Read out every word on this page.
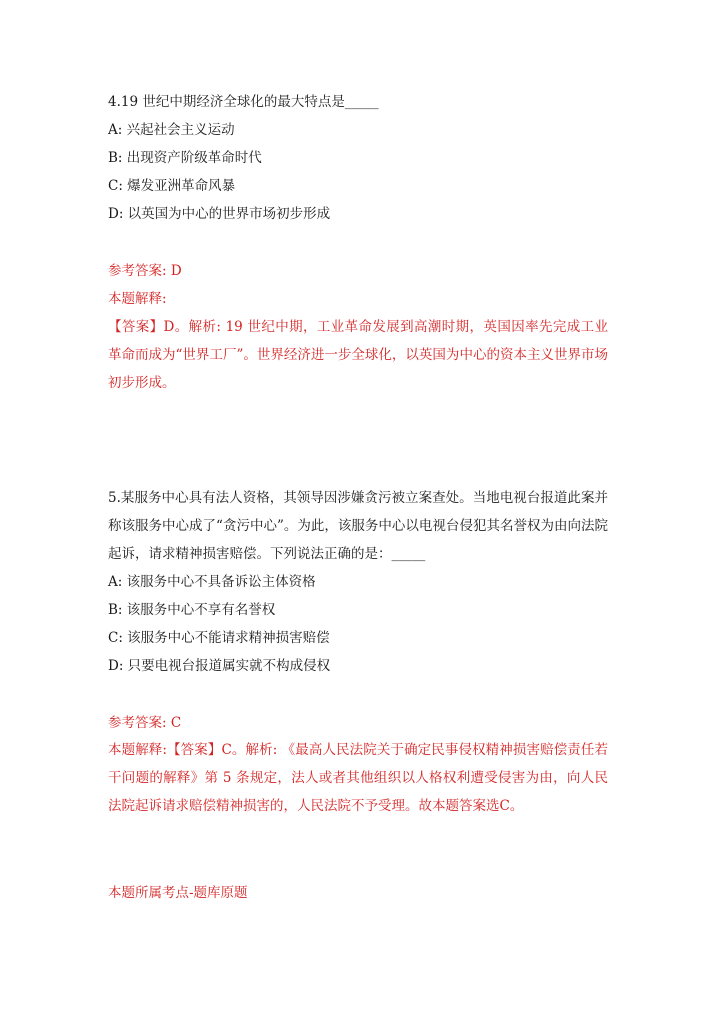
4.19 世纪中期经济全球化的最大特点是_____
A: 兴起社会主义运动
B: 出现资产阶级革命时代
C: 爆发亚洲革命风暴
D: 以英国为中心的世界市场初步形成
参考答案: D
本题解释:
【答案】D。解析: 19 世纪中期，工业革命发展到高潮时期，英国因率先完成工业革命而成为“世界工厂”。世界经济进一步全球化，以英国为中心的资本主义世界市场初步形成。
5.某服务中心具有法人资格，其领导因涉嫌贪污被立案查处。当地电视台报道此案并称该服务中心成了“贪污中心”。为此，该服务中心以电视台侵犯其名誉权为由向法院起诉，请求精神损害赔偿。下列说法正确的是：_____
A: 该服务中心不具备诉讼主体资格
B: 该服务中心不享有名誉权
C: 该服务中心不能请求精神损害赔偿
D: 只要电视台报道属实就不构成侵权
参考答案: C
本题解释:【答案】C。解析: 《最高人民法院关于确定民事侵权精神损害赔偿责任若干问题的解释》第 5 条规定，法人或者其他组织以人格权利遭受侵害为由，向人民法院起诉请求赔偿精神损害的，人民法院不予受理。故本题答案选C。
本题所属考点-题库原题
